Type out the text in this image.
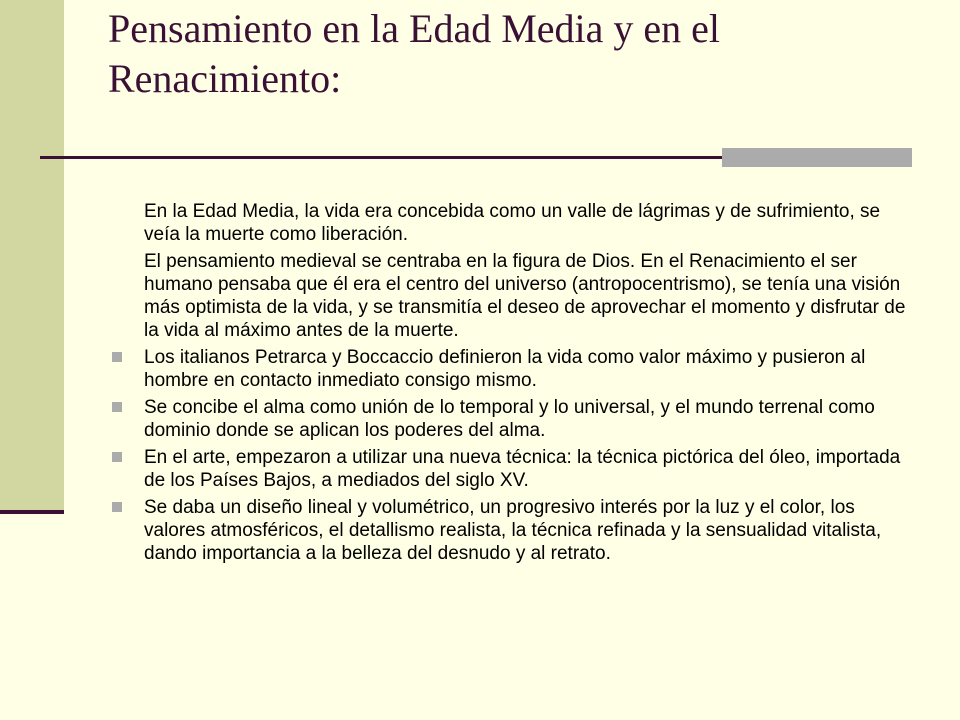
Pensamiento en la Edad Media y en el Renacimiento:
En la Edad Media, la vida era concebida como un valle de lágrimas y de sufrimiento, se veía la muerte como liberación.
El pensamiento medieval se centraba en la figura de Dios. En el Renacimiento el ser humano pensaba que él era el centro del universo (antropocentrismo), se tenía una visión más optimista de la vida, y se transmitía el deseo de aprovechar el momento y disfrutar de la vida al máximo antes de la muerte.
Los italianos Petrarca y Boccaccio definieron la vida como valor máximo y pusieron al hombre en contacto inmediato consigo mismo.
Se concibe el alma como unión de lo temporal y lo universal, y el mundo terrenal como dominio donde se aplican los poderes del alma.
En el arte, empezaron a utilizar una nueva técnica: la técnica pictórica del óleo, importada de los Países Bajos, a mediados del siglo XV.
Se daba un diseño lineal y volumétrico, un progresivo interés por la luz y el color, los valores atmosféricos, el detallismo realista, la técnica refinada y la sensualidad vitalista, dando importancia a la belleza del desnudo y al retrato.
